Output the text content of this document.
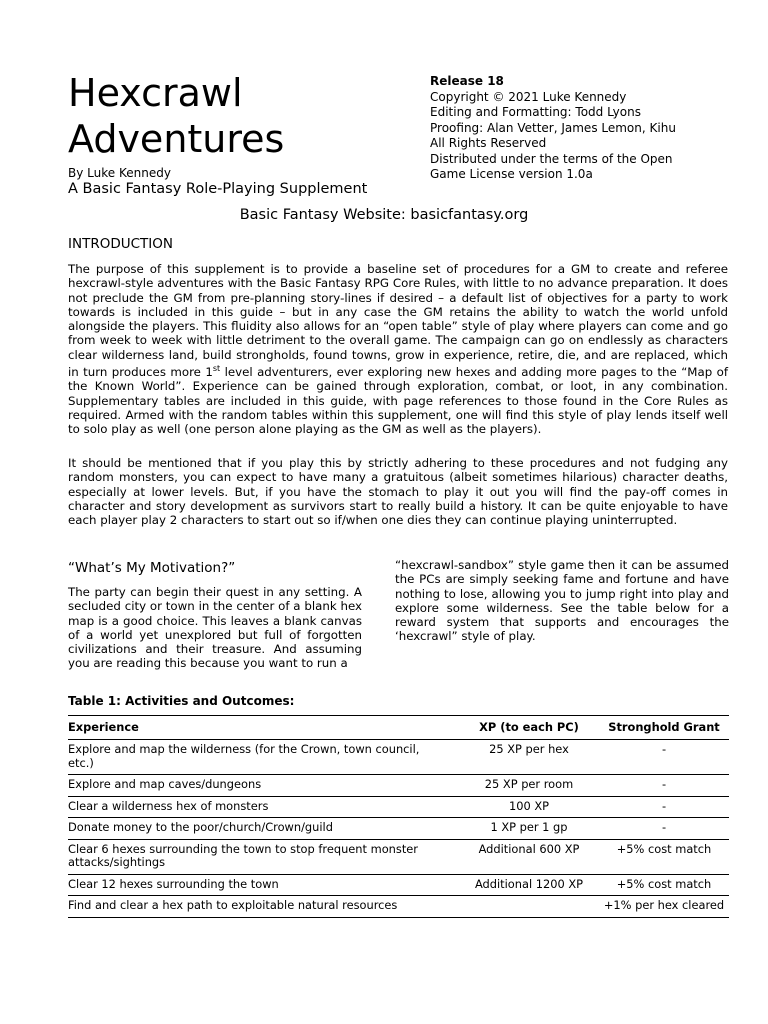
Hexcrawl
Adventures
By Luke Kennedy
A Basic Fantasy Role-Playing Supplement
Release 18
Copyright © 2021 Luke Kennedy
Editing and Formatting: Todd Lyons
Proofing: Alan Vetter, James Lemon, Kihu
All Rights Reserved
Distributed under the terms of the Open
Game License version 1.0a
Basic Fantasy Website: basicfantasy.org
INTRODUCTION

The purpose of this supplement is to provide a baseline set of procedures for a GM to create and referee hexcrawl-style adventures with the Basic Fantasy RPG Core Rules, with little to no advance preparation. It does not preclude the GM from pre-planning story-lines if desired – a default list of objectives for a party to work towards is included in this guide – but in any case the GM retains the ability to watch the world unfold alongside the players. This fluidity also allows for an “open table” style of play where players can come and go from week to week with little detriment to the overall game. The campaign can go on endlessly as characters clear wilderness land, build strongholds, found towns, grow in experience, retire, die, and are replaced, which in turn produces more 1st level adventurers, ever exploring new hexes and adding more pages to the “Map of the Known World”. Experience can be gained through exploration, combat, or loot, in any combination. Supplementary tables are included in this guide, with page references to those found in the Core Rules as required. Armed with the random tables within this supplement, one will find this style of play lends itself well to solo play as well (one person alone playing as the GM as well as the players).

It should be mentioned that if you play this by strictly adhering to these procedures and not fudging any random monsters, you can expect to have many a gratuitous (albeit sometimes hilarious) character deaths, especially at lower levels. But, if you have the stomach to play it out you will find the pay-off comes in character and story development as survivors start to really build a history. It can be quite enjoyable to have each player play 2 characters to start out so if/when one dies they can continue playing uninterrupted.

“What’s My Motivation?”

The party can begin their quest in any setting. A secluded city or town in the center of a blank hex map is a good choice. This leaves a blank canvas of a world yet unexplored but full of forgotten civilizations and their treasure. And assuming you are reading this because you want to run a

“hexcrawl-sandbox” style game then it can be assumed the PCs are simply seeking fame and fortune and have nothing to lose, allowing you to jump right into play and explore some wilderness. See the table below for a reward system that supports and encourages the ‘hexcrawl” style of play.

Table 1: Activities and Outcomes:
Experience	XP (to each PC)	Stronghold Grant
Explore and map the wilderness (for the Crown, town council, etc.)	25 XP per hex	-
Explore and map caves/dungeons	25 XP per room	-
Clear a wilderness hex of monsters	100 XP	-
Donate money to the poor/church/Crown/guild	1 XP per 1 gp	-
Clear 6 hexes surrounding the town to stop frequent monster attacks/sightings	Additional 600 XP	+5% cost match
Clear 12 hexes surrounding the town	Additional 1200 XP	+5% cost match
Find and clear a hex path to exploitable natural resources		+1% per hex cleared
